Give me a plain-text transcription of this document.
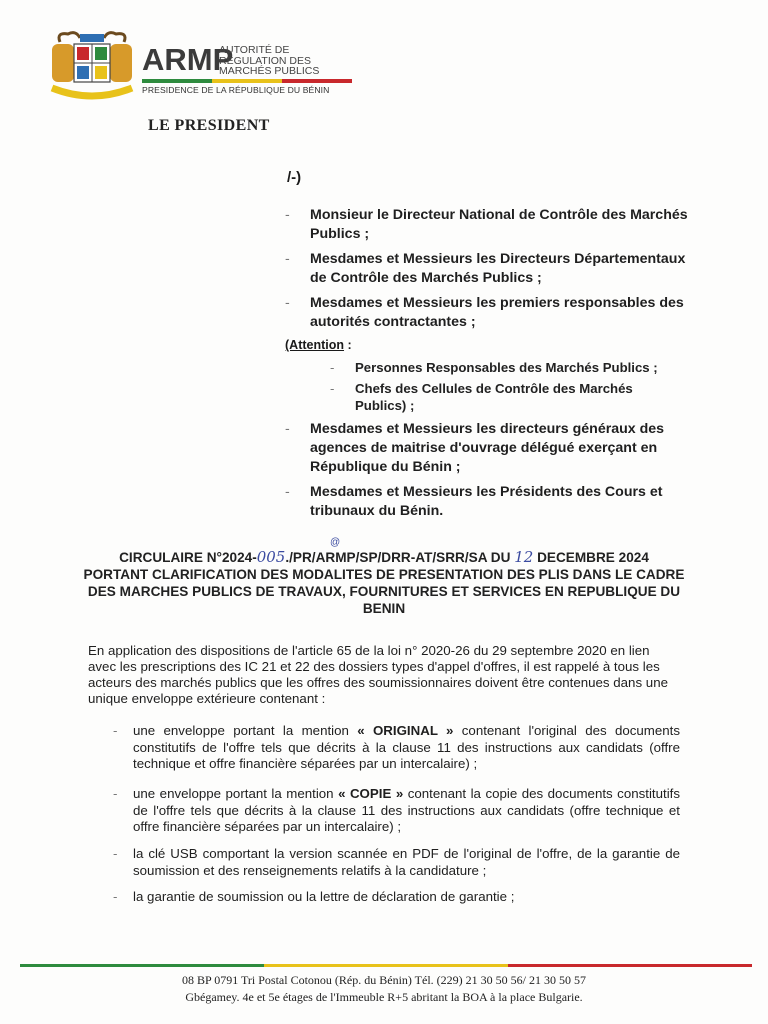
ARMP
AUTORITÉ DE
RÉGULATION DES
MARCHÉS PUBLICS
PRESIDENCE DE LA RÉPUBLIQUE DU BÉNIN
LE PRESIDENT
/-)
- Monsieur le Directeur National de Contrôle des Marchés Publics ;
- Mesdames et Messieurs les Directeurs Départementaux de Contrôle des Marchés Publics ;
- Mesdames et Messieurs les premiers responsables des autorités contractantes ;
(Attention :
- Personnes Responsables des Marchés Publics ;
- Chefs des Cellules de Contrôle des Marchés Publics) ;
- Mesdames et Messieurs les directeurs généraux des agences de maitrise d'ouvrage délégué exerçant en République du Bénin ;
- Mesdames et Messieurs les Présidents des Cours et tribunaux du Bénin.
@
CIRCULAIRE N°2024-005./PR/ARMP/SP/DRR-AT/SRR/SA DU 12 DECEMBRE 2024
PORTANT CLARIFICATION DES MODALITES DE PRESENTATION DES PLIS DANS LE CADRE DES MARCHES PUBLICS DE TRAVAUX, FOURNITURES ET SERVICES EN REPUBLIQUE DU BENIN
En application des dispositions de l'article 65 de la loi n° 2020-26 du 29 septembre 2020 en lien avec les prescriptions des IC 21 et 22 des dossiers types d'appel d'offres, il est rappelé à tous les acteurs des marchés publics que les offres des soumissionnaires doivent être contenues dans une unique enveloppe extérieure contenant :
- une enveloppe portant la mention « ORIGINAL » contenant l'original des documents constitutifs de l'offre tels que décrits à la clause 11 des instructions aux candidats (offre technique et offre financière séparées par un intercalaire) ;
- une enveloppe portant la mention « COPIE » contenant la copie des documents constitutifs de l'offre tels que décrits à la clause 11 des instructions aux candidats (offre technique et offre financière séparées par un intercalaire) ;
- la clé USB comportant la version scannée en PDF de l'original de l'offre, de la garantie de soumission et des renseignements relatifs à la candidature ;
- la garantie de soumission ou la lettre de déclaration de garantie ;
08 BP 0791 Tri Postal Cotonou (Rép. du Bénin) Tél. (229) 21 30 50 56/ 21 30 50 57
Gbégamey. 4e et 5e étages de l'Immeuble R+5 abritant la BOA à la place Bulgarie.
